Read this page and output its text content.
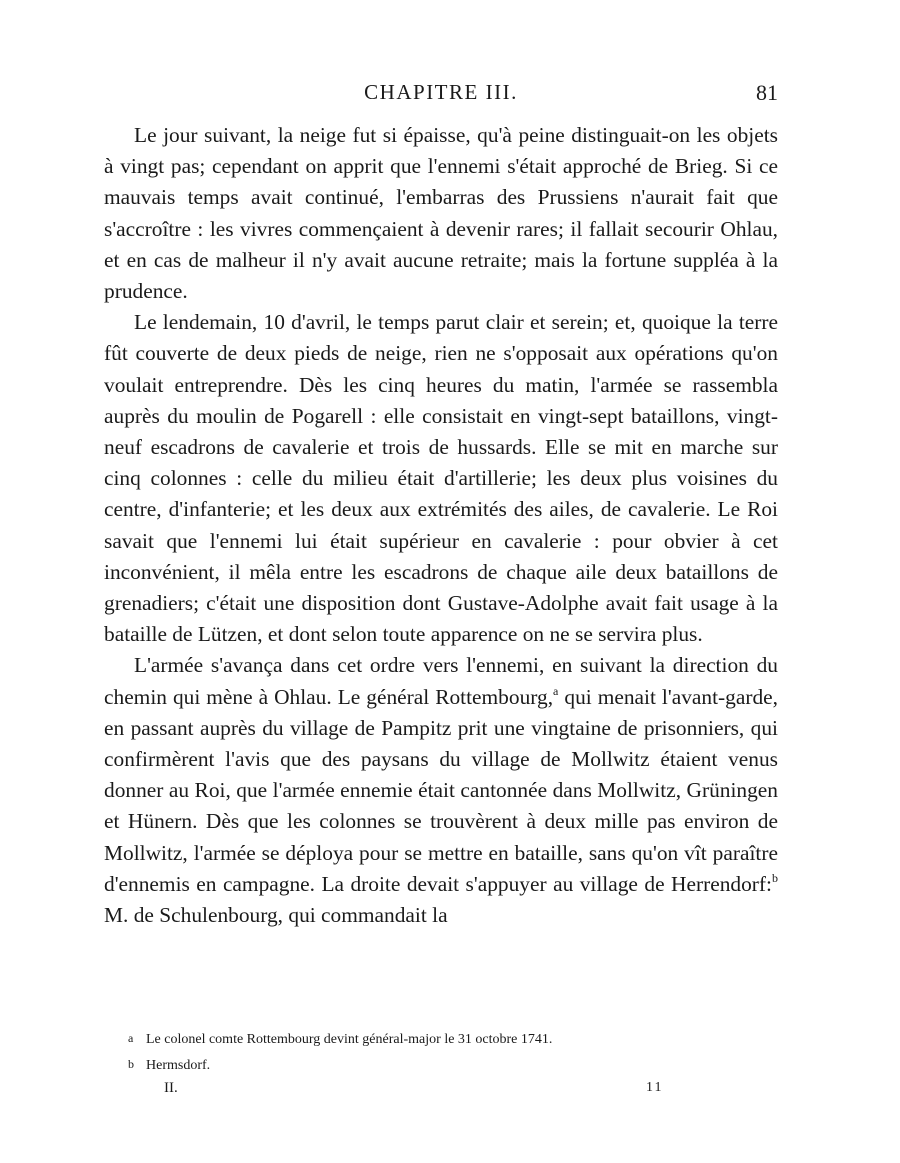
CHAPITRE III.	81

Le jour suivant, la neige fut si épaisse, qu'à peine distinguait-on les objets à vingt pas; cependant on apprit que l'ennemi s'était approché de Brieg. Si ce mauvais temps avait continué, l'embarras des Prussiens n'aurait fait que s'accroître : les vivres commençaient à devenir rares; il fallait secourir Ohlau, et en cas de malheur il n'y avait aucune retraite; mais la fortune suppléa à la prudence.

Le lendemain, 10 d'avril, le temps parut clair et serein; et, quoique la terre fût couverte de deux pieds de neige, rien ne s'opposait aux opérations qu'on voulait entreprendre. Dès les cinq heures du matin, l'armée se rassembla auprès du moulin de Pogarell : elle consistait en vingt-sept bataillons, vingt-neuf escadrons de cavalerie et trois de hussards. Elle se mit en marche sur cinq colonnes : celle du milieu était d'artillerie; les deux plus voisines du centre, d'infanterie; et les deux aux extrémités des ailes, de cavalerie. Le Roi savait que l'ennemi lui était supérieur en cavalerie : pour obvier à cet inconvénient, il mêla entre les escadrons de chaque aile deux bataillons de grenadiers; c'était une disposition dont Gustave-Adolphe avait fait usage à la bataille de Lützen, et dont selon toute apparence on ne se servira plus.

L'armée s'avança dans cet ordre vers l'ennemi, en suivant la direction du chemin qui mène à Ohlau. Le général Rottembourg,$^a$ qui menait l'avant-garde, en passant auprès du village de Pampitz prit une vingtaine de prisonniers, qui confirmèrent l'avis que des paysans du village de Mollwitz étaient venus donner au Roi, que l'armée ennemie était cantonnée dans Mollwitz, Grüningen et Hünern. Dès que les colonnes se trouvèrent à deux mille pas environ de Mollwitz, l'armée se déploya pour se mettre en bataille, sans qu'on vît paraître d'ennemis en campagne. La droite devait s'appuyer au village de Herrendorf:$^b$ M. de Schulenbourg, qui commandait la

a Le colonel comte Rottembourg devint général-major le 31 octobre 1741.
b Hermsdorf.
II.	11
